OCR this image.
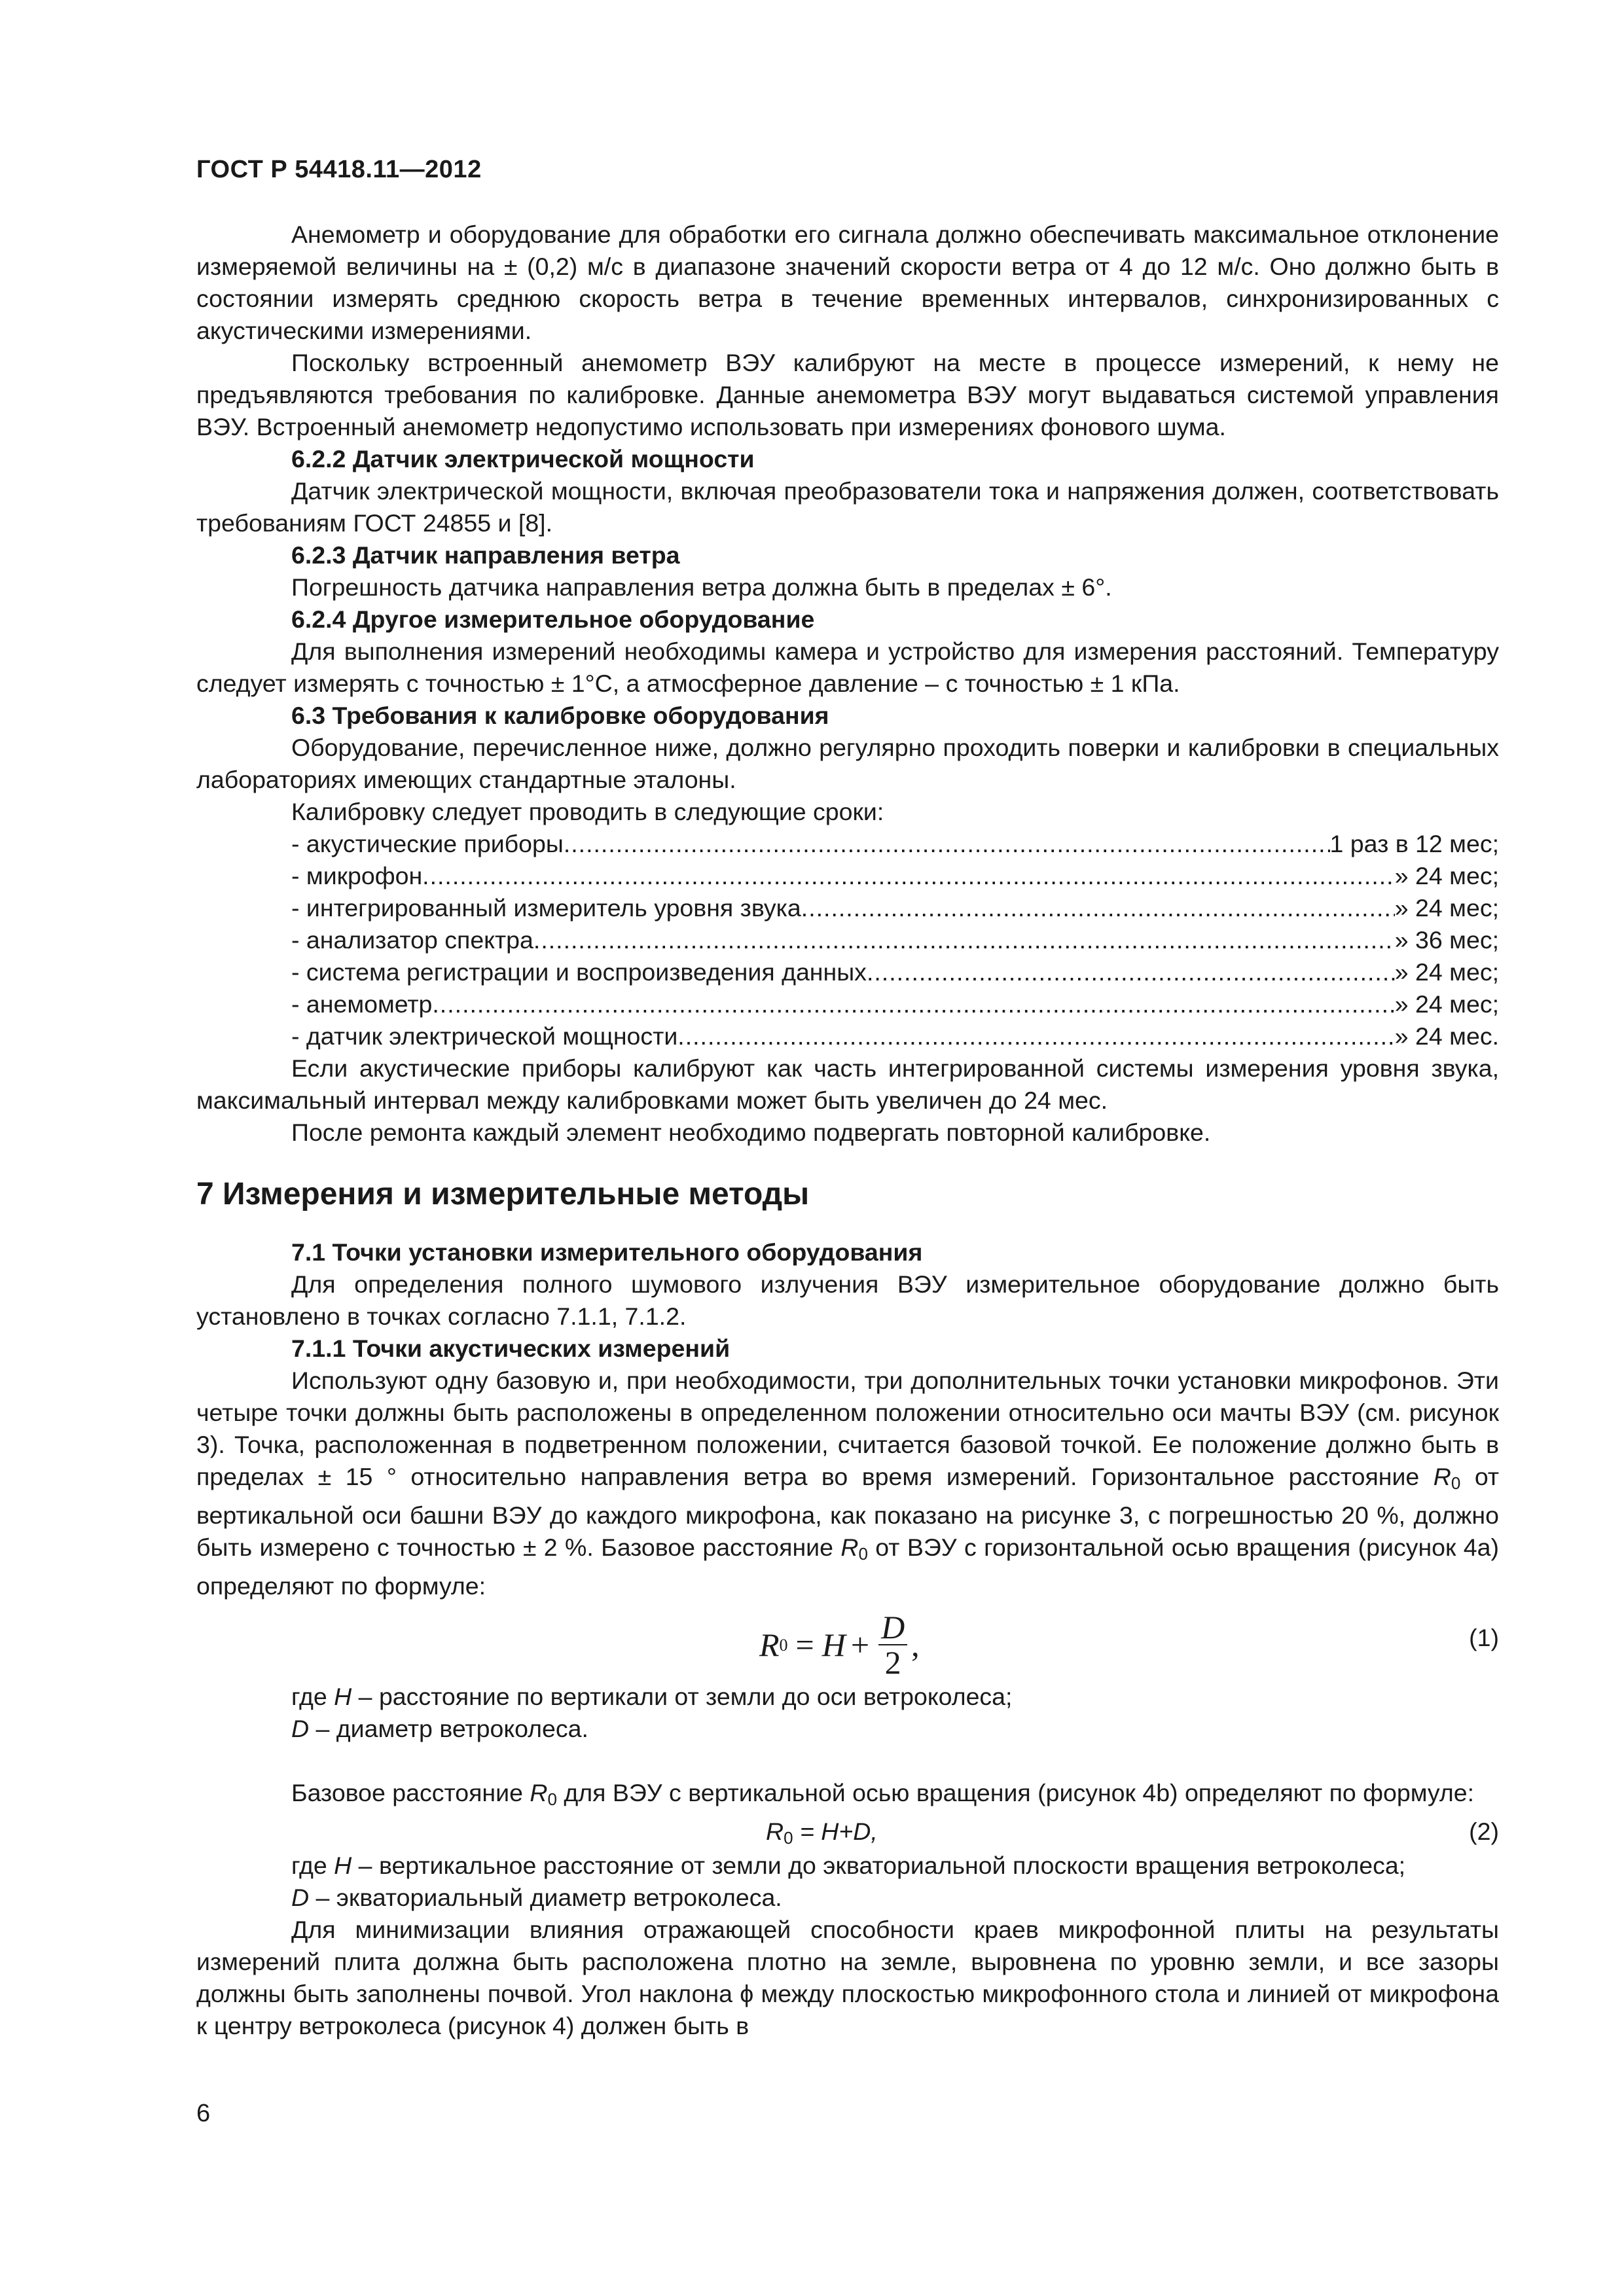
ГОСТ Р 54418.11—2012

Анемометр и оборудование для обработки его сигнала должно обеспечивать максимальное отклонение измеряемой величины на ± (0,2) м/с в диапазоне значений скорости ветра от 4 до 12 м/с. Оно должно быть в состоянии измерять среднюю скорость ветра в течение временных интервалов, синхронизированных с акустическими измерениями.

Поскольку встроенный анемометр ВЭУ калибруют на месте в процессе измерений, к нему не предъявляются требования по калибровке. Данные анемометра ВЭУ могут выдаваться системой управления ВЭУ. Встроенный анемометр недопустимо использовать при измерениях фонового шума.

6.2.2 Датчик электрической мощности

Датчик электрической мощности, включая преобразователи тока и напряжения должен, соответствовать требованиям ГОСТ 24855 и [8].

6.2.3 Датчик направления ветра

Погрешность датчика направления ветра должна быть в пределах ± 6°.

6.2.4 Другое измерительное оборудование

Для выполнения измерений необходимы камера и устройство для измерения расстояний. Температуру следует измерять с точностью ± 1°С, а атмосферное давление – с точностью ± 1 кПа.

6.3 Требования к калибровке оборудования

Оборудование, перечисленное ниже, должно регулярно проходить поверки и калибровки в специальных лабораториях имеющих стандартные эталоны.

Калибровку следует проводить в следующие сроки:

- акустические приборы .....	1 раз в 12 мес;
- микрофон .....	» 24 мес;
- интегрированный измеритель уровня звука .....	» 24 мес;
- анализатор спектра .....	» 36 мес;
- система регистрации и воспроизведения данных .....	» 24 мес;
- анемометр .....	» 24 мес;
- датчик электрической мощности .....	» 24 мес.

Если акустические приборы калибруют как часть интегрированной системы измерения уровня звука, максимальный интервал между калибровками может быть увеличен до 24 мес.

После ремонта каждый элемент необходимо подвергать повторной калибровке.

7 Измерения и измерительные методы

7.1 Точки установки измерительного оборудования

Для определения полного шумового излучения ВЭУ измерительное оборудование должно быть установлено в точках согласно 7.1.1, 7.1.2.

7.1.1 Точки акустических измерений

Используют одну базовую и, при необходимости, три дополнительных точки установки микрофонов. Эти четыре точки должны быть расположены в определенном положении относительно оси мачты ВЭУ (см. рисунок 3). Точка, расположенная в подветренном положении, считается базовой точкой. Ее положение должно быть в пределах ± 15 ° относительно направления ветра во время измерений. Горизонтальное расстояние $R_0$ от вертикальной оси башни ВЭУ до каждого микрофона, как показано на рисунке 3, с погрешностью 20 %, должно быть измерено с точностью ± 2 %. Базовое расстояние $R_0$ от ВЭУ с горизонтальной осью вращения (рисунок 4а) определяют по формуле:

R $0 = H + \frac{D}{2}$ ,	(1)

где H – расстояние по вертикали от земли до оси ветроколеса;

D – диаметр ветроколеса.

Базовое расстояние $R_0$ для ВЭУ с вертикальной осью вращения (рисунок 4b) определяют по формуле:

$R_0 = H+D$,	(2)

где H – вертикальное расстояние от земли до экваториальной плоскости вращения ветроколеса;

D – экваториальный диаметр ветроколеса.

Для минимизации влияния отражающей способности краев микрофонной плиты на результаты измерений плита должна быть расположена плотно на земле, выровнена по уровню земли, и все зазоры должны быть заполнены почвой. Угол наклона ϕ между плоскостью микрофонного стола и линией от микрофона к центру ветроколеса (рисунок 4) должен быть в

6
